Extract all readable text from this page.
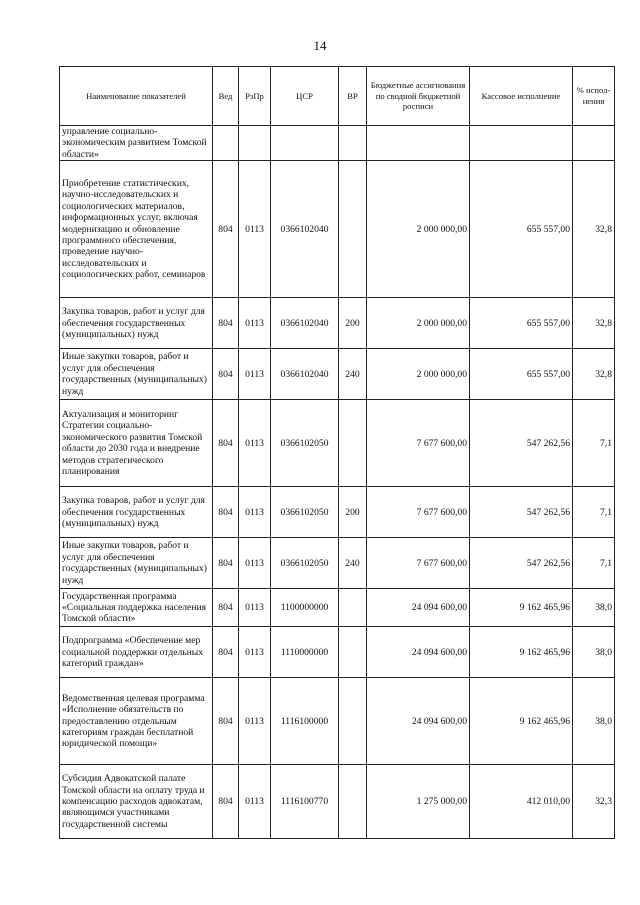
14
Наименование показателей	Вед	РзПр	ЦСР	ВР	Бюджетные ассигнования по сводной бюджетной росписи	Кассовое исполнение	% испол-нения
управление социально-экономическим развитием Томской области»							
Приобретение статистических, научно-исследовательских и социологических материалов, информационных услуг, включая модернизацию и обновление программного обеспечения, проведение научно-исследовательских и социологических работ, семинаров	804	0113	0366102040		2 000 000,00	655 557,00	32,8
Закупка товаров, работ и услуг для обеспечения государственных (муниципальных) нужд	804	0113	0366102040	200	2 000 000,00	655 557,00	32,8
Иные закупки товаров, работ и услуг для обеспечения государственных (муниципальных) нужд	804	0113	0366102040	240	2 000 000,00	655 557,00	32,8
Актуализация и мониторинг Стратегии социально-экономического развития Томской области до 2030 года и внедрение методов стратегического планирования	804	0113	0366102050		7 677 600,00	547 262,56	7,1
Закупка товаров, работ и услуг для обеспечения государственных (муниципальных) нужд	804	0113	0366102050	200	7 677 600,00	547 262,56	7,1
Иные закупки товаров, работ и услуг для обеспечения государственных (муниципальных) нужд	804	0113	0366102050	240	7 677 600,00	547 262,56	7,1
Государственная программа «Социальная поддержка населения Томской области»	804	0113	1100000000		24 094 600,00	9 162 465,96	38,0
Подпрограмма «Обеспечение мер социальной поддержки отдельных категорий граждан»	804	0113	1110000000		24 094 600,00	9 162 465,96	38,0
Ведомственная целевая программа «Исполнение обязательств по предоставлению отдельным категориям граждан бесплатной юридической помощи»	804	0113	1116100000		24 094 600,00	9 162 465,96	38,0
Субсидия Адвокатской палате Томской области на оплату труда и компенсацию расходов адвокатам, являющимся участниками государственной системы	804	0113	1116100770		1 275 000,00	412 010,00	32,3
